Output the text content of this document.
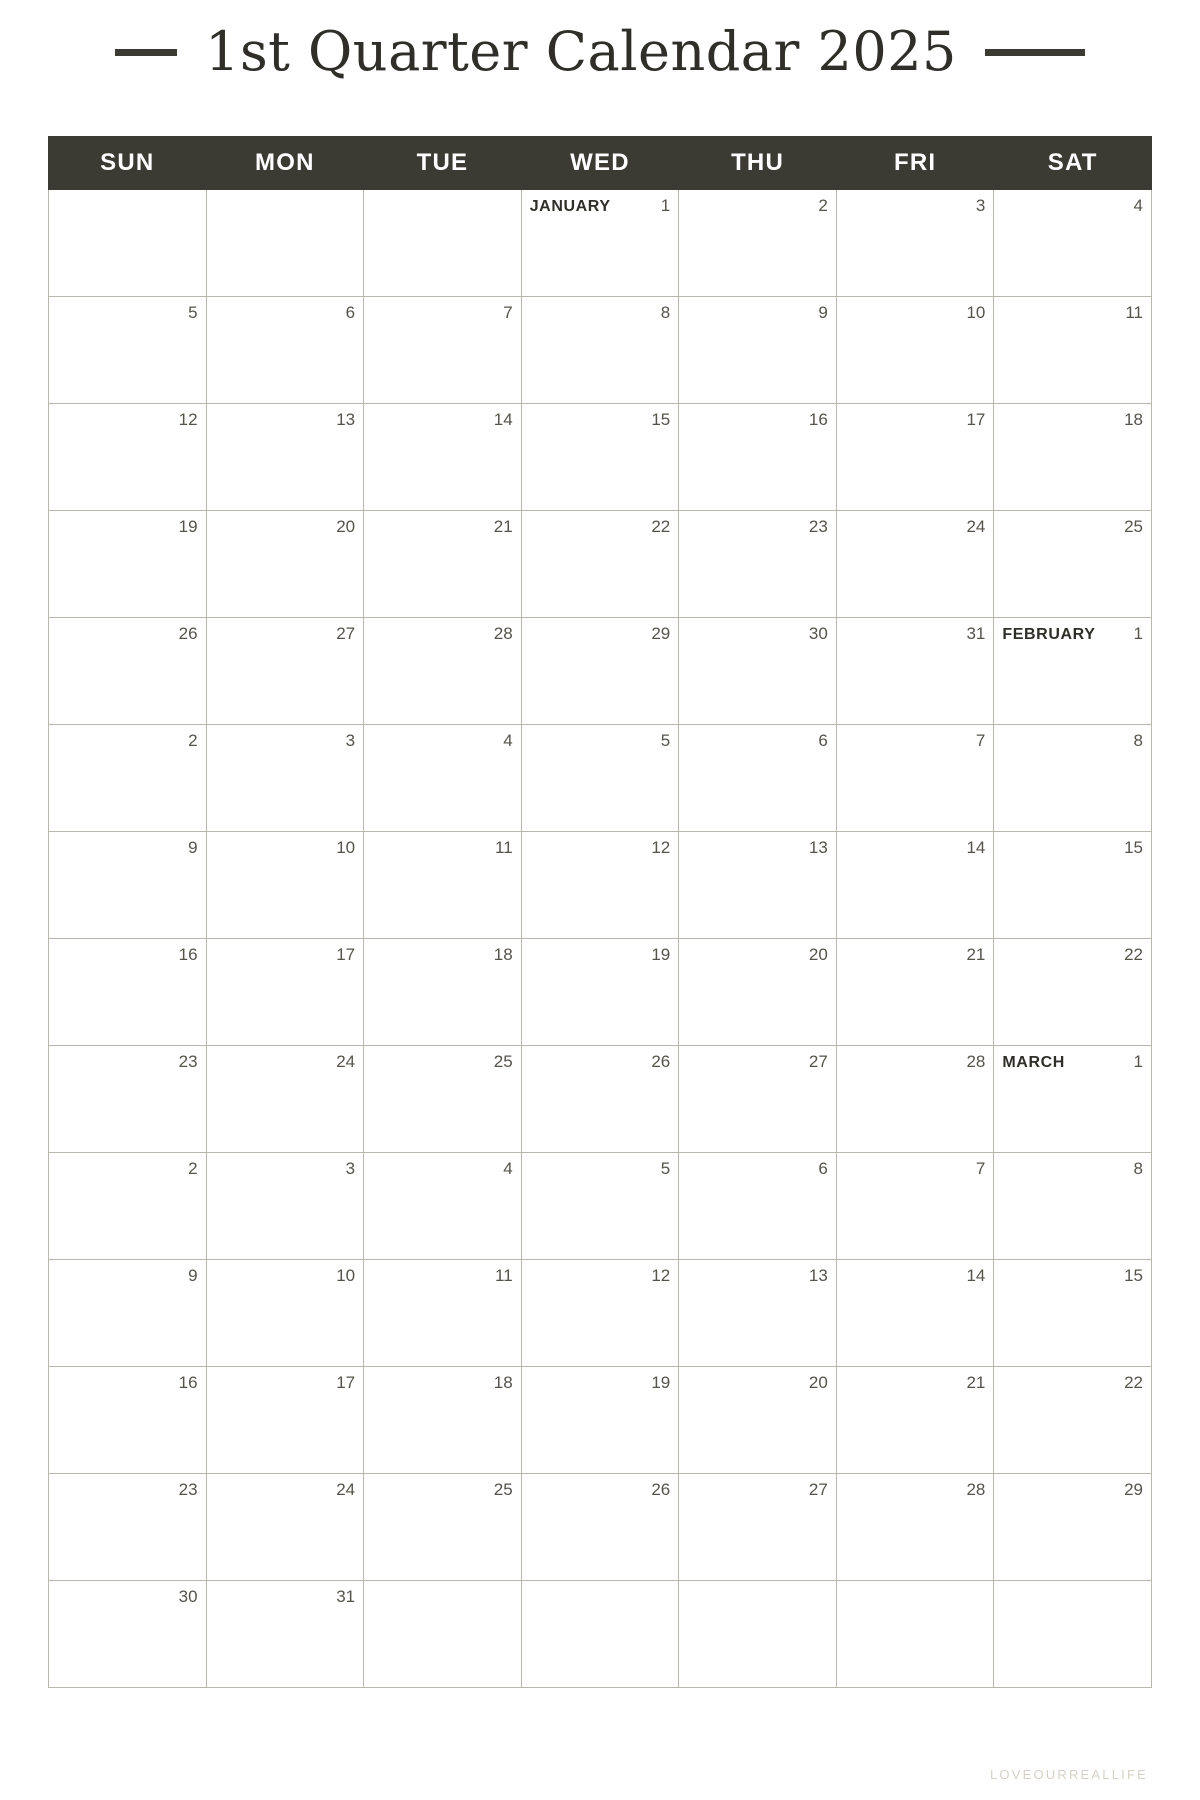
1st Quarter Calendar 2025
SUN	MON	TUE	WED	THU	FRI	SAT

			JANUARY 1	2	3	4

5	6	7	8	9	10	11

12	13	14	15	16	17	18

19	20	21	22	23	24	25

26	27	28	29	30	31	FEBRUARY 1

2	3	4	5	6	7	8

9	10	11	12	13	14	15

16	17	18	19	20	21	22

23	24	25	26	27	28	MARCH 1

2	3	4	5	6	7	8

9	10	11	12	13	14	15

16	17	18	19	20	21	22

23	24	25	26	27	28	29

30	31					

LOVEOURREALLIFE
